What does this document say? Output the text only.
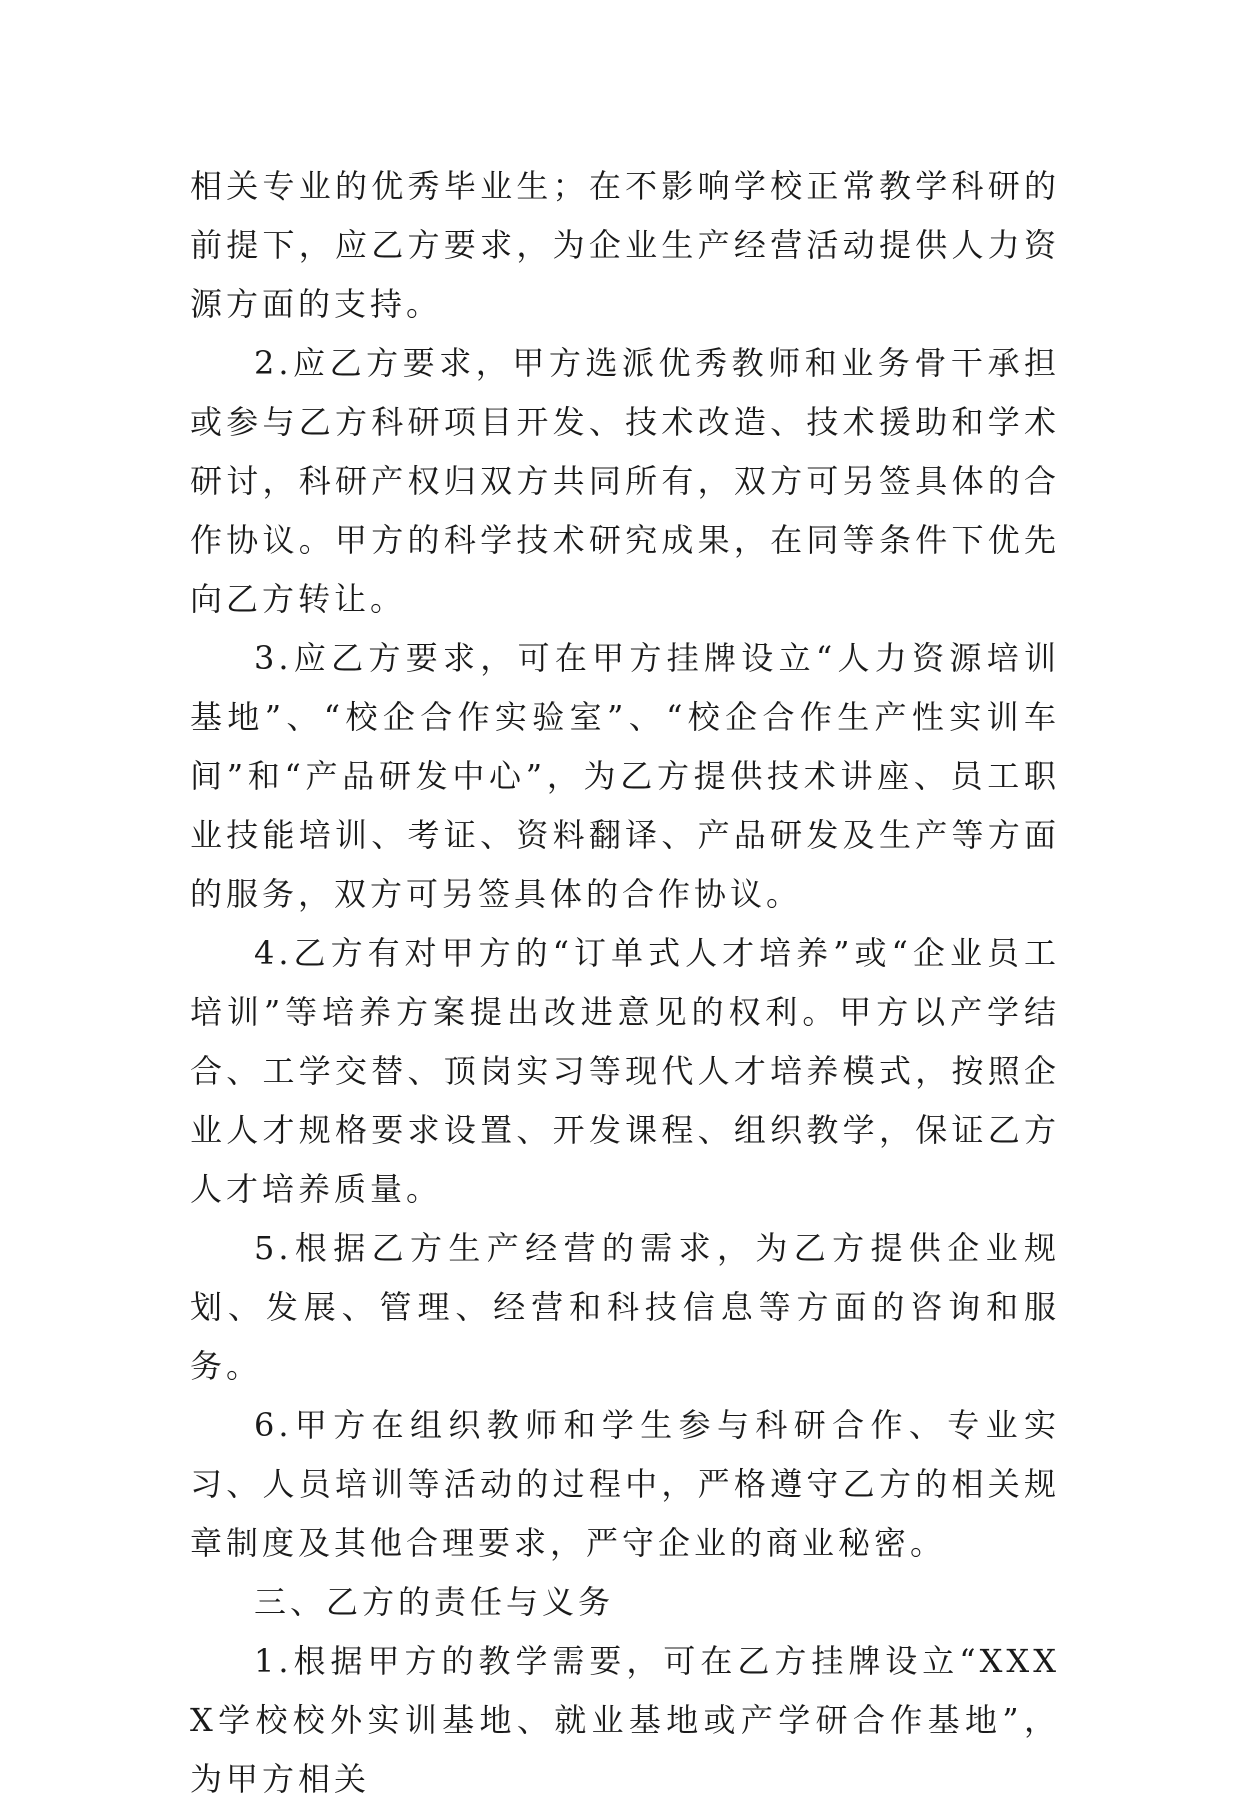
相关专业的优秀毕业生；在不影响学校正常教学科研的前提下，应乙方要求，为企业生产经营活动提供人力资源方面的支持。

2.应乙方要求，甲方选派优秀教师和业务骨干承担或参与乙方科研项目开发、技术改造、技术援助和学术研讨，科研产权归双方共同所有，双方可另签具体的合作协议。甲方的科学技术研究成果，在同等条件下优先向乙方转让。

3.应乙方要求，可在甲方挂牌设立“人力资源培训基地”、“校企合作实验室”、“校企合作生产性实训车间”和“产品研发中心”，为乙方提供技术讲座、员工职业技能培训、考证、资料翻译、产品研发及生产等方面的服务，双方可另签具体的合作协议。

4.乙方有对甲方的“订单式人才培养”或“企业员工培训”等培养方案提出改进意见的权利。甲方以产学结合、工学交替、顶岗实习等现代人才培养模式，按照企业人才规格要求设置、开发课程、组织教学，保证乙方人才培养质量。

5.根据乙方生产经营的需求，为乙方提供企业规划、发展、管理、经营和科技信息等方面的咨询和服务。

6.甲方在组织教师和学生参与科研合作、专业实习、人员培训等活动的过程中，严格遵守乙方的相关规章制度及其他合理要求，严守企业的商业秘密。

三、乙方的责任与义务

1.根据甲方的教学需要，可在乙方挂牌设立“XXXX学校校外实训基地、就业基地或产学研合作基地”，为甲方相关
